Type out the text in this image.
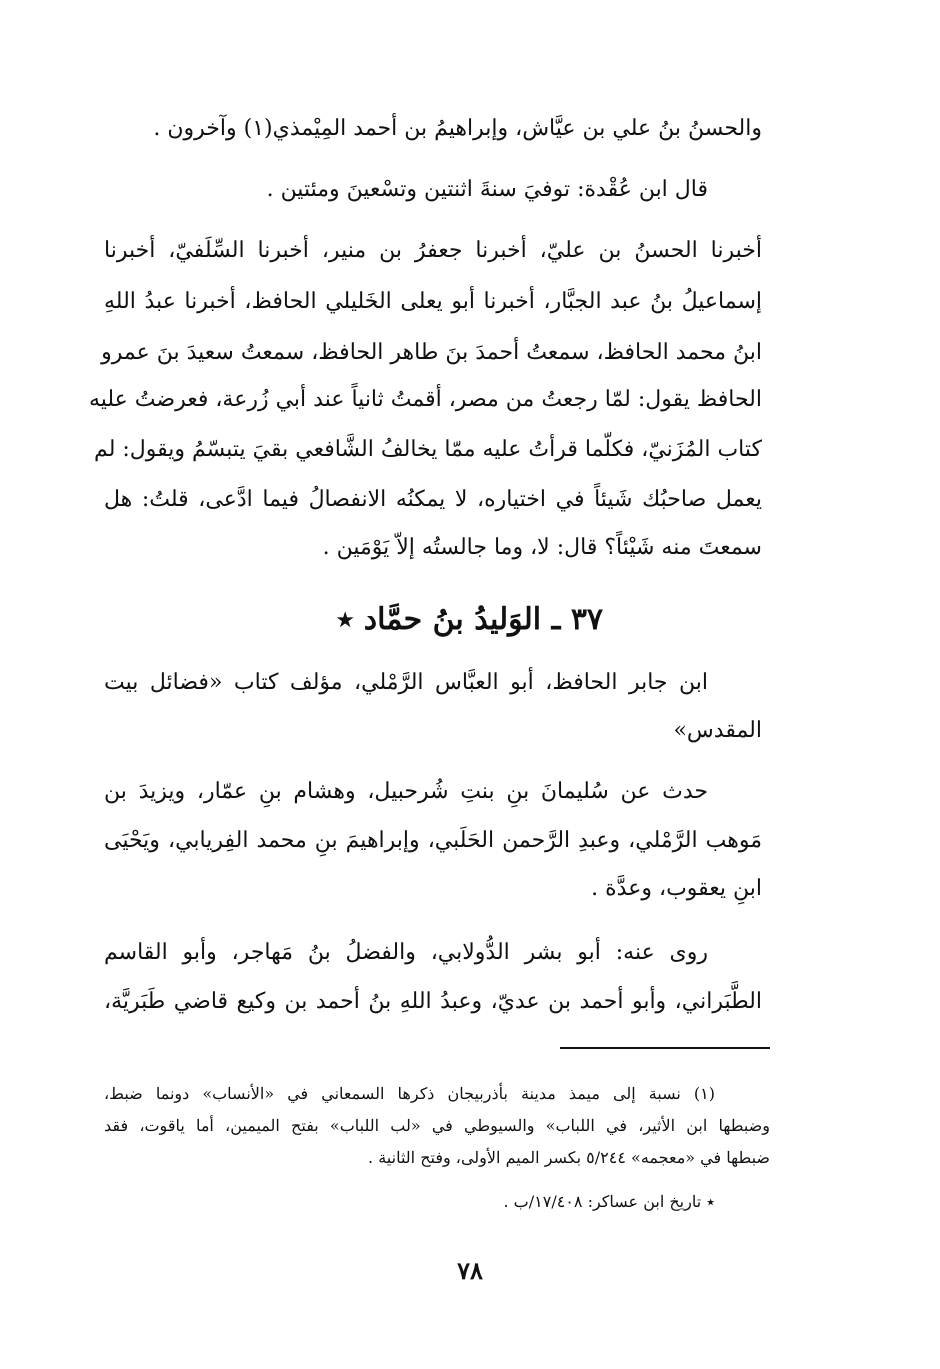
والحسنُ بنُ علي بن عيَّاش، وإبراهيمُ بن أحمد المِيْمذي(١) وآخرون .
قال ابن عُقْدة: توفيَ سنةَ اثنتين وتسْعينَ ومئتين .
أخبرنا الحسنُ بن عليّ، أخبرنا جعفرُ بن منير، أخبرنا السِّلَفيّ، أخبرنا
إسماعيلُ بنُ عبد الجبَّار، أخبرنا أبو يعلى الخَليلي الحافظ، أخبرنا عبدُ اللهِ
ابنُ محمد الحافظ، سمعتُ أحمدَ بنَ طاهر الحافظ، سمعتُ سعيدَ بنَ عمرو
الحافظ يقول: لمّا رجعتُ من مصر، أقمتُ ثانياً عند أبي زُرعة، فعرضتُ عليه
كتاب المُزَنيّ، فكلّما قرأتُ عليه ممّا يخالفُ الشَّافعي بقيَ يتبسّمُ ويقول: لم
يعمل صاحبُك شَيئاً في اختياره، لا يمكنُه الانفصالُ فيما ادَّعى، قلتُ: هل
سمعتَ منه شَيْئاً؟ قال: لا، وما جالستُه إلاّ يَوْمَين .
٣٧ ـ الوَليدُ بنُ حمَّاد ٭
ابن جابر الحافظ، أبو العبَّاس الرَّمْلي، مؤلف كتاب «فضائل بيت
المقدس»
حدث عن سُليمانَ بنِ بنتِ شُرحبيل، وهشام بنِ عمّار، ويزيدَ بن
مَوهب الرَّمْلي، وعبدِ الرَّحمن الحَلَبي، وإبراهيمَ بنِ محمد الفِريابي، ويَحْيَى
ابنِ يعقوب، وعدَّة .
روى عنه: أبو بشر الدُّولابي، والفضلُ بنُ مَهاجر، وأبو القاسم
الطَّبَراني، وأبو أحمد بن عديّ، وعبدُ اللهِ بنُ أحمد بن وكيع قاضي طَبَريَّة،
(١) نسبة إلى ميمذ مدينة بأذربيجان ذكرها السمعاني في «الأنساب» دونما ضبط،
وضبطها ابن الأثير، في اللباب» والسيوطي في «لب اللباب» بفتح الميمين، أما ياقوت، فقد
ضبطها في «معجمه» ٥/٢٤٤ بكسر الميم الأولى، وفتح الثانية .
٭ تاريخ ابن عساكر: ١٧/٤٠٨/ب .
٧٨
